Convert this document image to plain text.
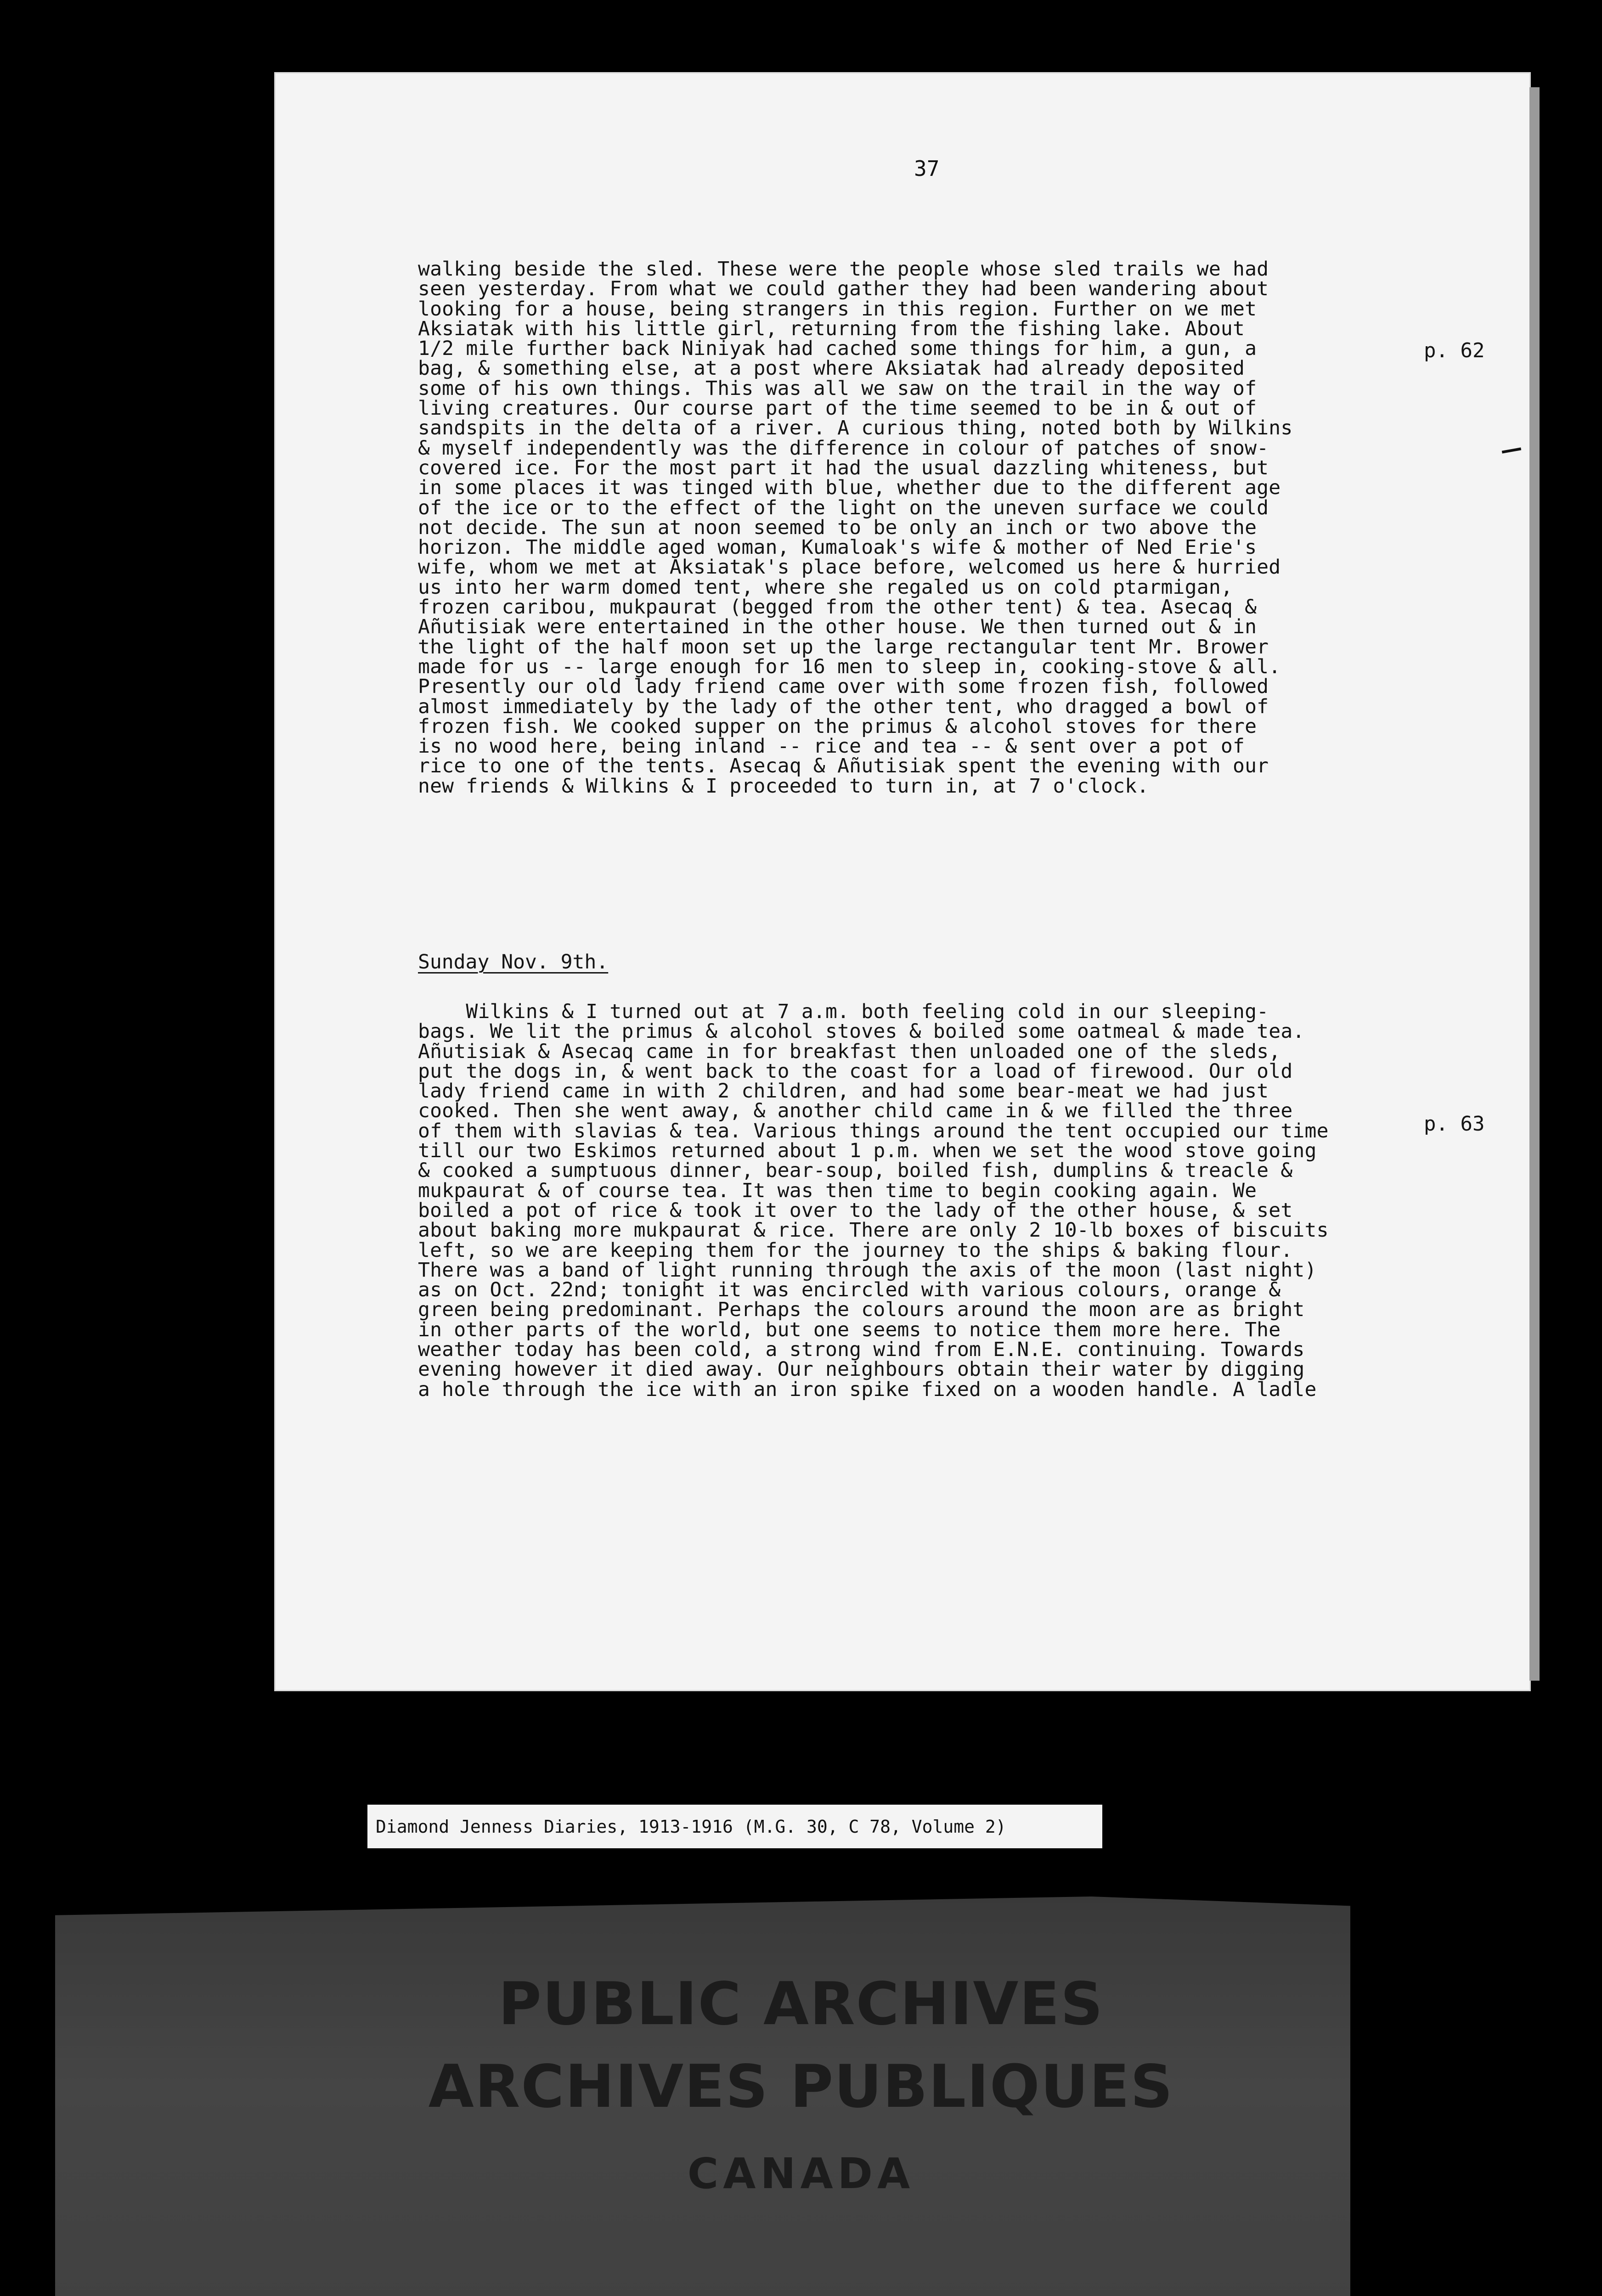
37
walking beside the sled. These were the people whose sled trails we had
seen yesterday. From what we could gather they had been wandering about
looking for a house, being strangers in this region. Further on we met
Aksiatak with his little girl, returning from the fishing lake. About
1/2 mile further back Niniyak had cached some things for him, a gun, a
bag, & something else, at a post where Aksiatak had already deposited
some of his own things. This was all we saw on the trail in the way of
living creatures. Our course part of the time seemed to be in & out of
sandspits in the delta of a river. A curious thing, noted both by Wilkins
& myself independently was the difference in colour of patches of snow-
covered ice. For the most part it had the usual dazzling whiteness, but
in some places it was tinged with blue, whether due to the different age
of the ice or to the effect of the light on the uneven surface we could
not decide. The sun at noon seemed to be only an inch or two above the
horizon. The middle aged woman, Kumaloak's wife & mother of Ned Erie's
wife, whom we met at Aksiatak's place before, welcomed us here & hurried
us into her warm domed tent, where she regaled us on cold ptarmigan,
frozen caribou, mukpaurat (begged from the other tent) & tea. Asecaq &
Añutisiak were entertained in the other house. We then turned out & in
the light of the half moon set up the large rectangular tent Mr. Brower
made for us -- large enough for 16 men to sleep in, cooking-stove & all.
Presently our old lady friend came over with some frozen fish, followed
almost immediately by the lady of the other tent, who dragged a bowl of
frozen fish. We cooked supper on the primus & alcohol stoves for there
is no wood here, being inland -- rice and tea -- & sent over a pot of
rice to one of the tents. Asecaq & Añutisiak spent the evening with our
new friends & Wilkins & I proceeded to turn in, at 7 o'clock.
Sunday Nov. 9th.
Wilkins & I turned out at 7 a.m. both feeling cold in our sleeping-
bags. We lit the primus & alcohol stoves & boiled some oatmeal & made tea.
Añutisiak & Asecaq came in for breakfast then unloaded one of the sleds,
put the dogs in, & went back to the coast for a load of firewood. Our old
lady friend came in with 2 children, and had some bear-meat we had just
cooked. Then she went away, & another child came in & we filled the three
of them with slavias & tea. Various things around the tent occupied our time
till our two Eskimos returned about 1 p.m. when we set the wood stove going
& cooked a sumptuous dinner, bear-soup, boiled fish, dumplins & treacle &
mukpaurat & of course tea. It was then time to begin cooking again. We
boiled a pot of rice & took it over to the lady of the other house, & set
about baking more mukpaurat & rice. There are only 2 10-lb boxes of biscuits
left, so we are keeping them for the journey to the ships & baking flour.
There was a band of light running through the axis of the moon (last night)
as on Oct. 22nd; tonight it was encircled with various colours, orange &
green being predominant. Perhaps the colours around the moon are as bright
in other parts of the world, but one seems to notice them more here. The
weather today has been cold, a strong wind from E.N.E. continuing. Towards
evening however it died away. Our neighbours obtain their water by digging
a hole through the ice with an iron spike fixed on a wooden handle. A ladle
p. 62
p. 63
Diamond Jenness Diaries, 1913-1916 (M.G. 30, C 78, Volume 2)
PUBLIC ARCHIVES
ARCHIVES PUBLIQUES
CANADA
